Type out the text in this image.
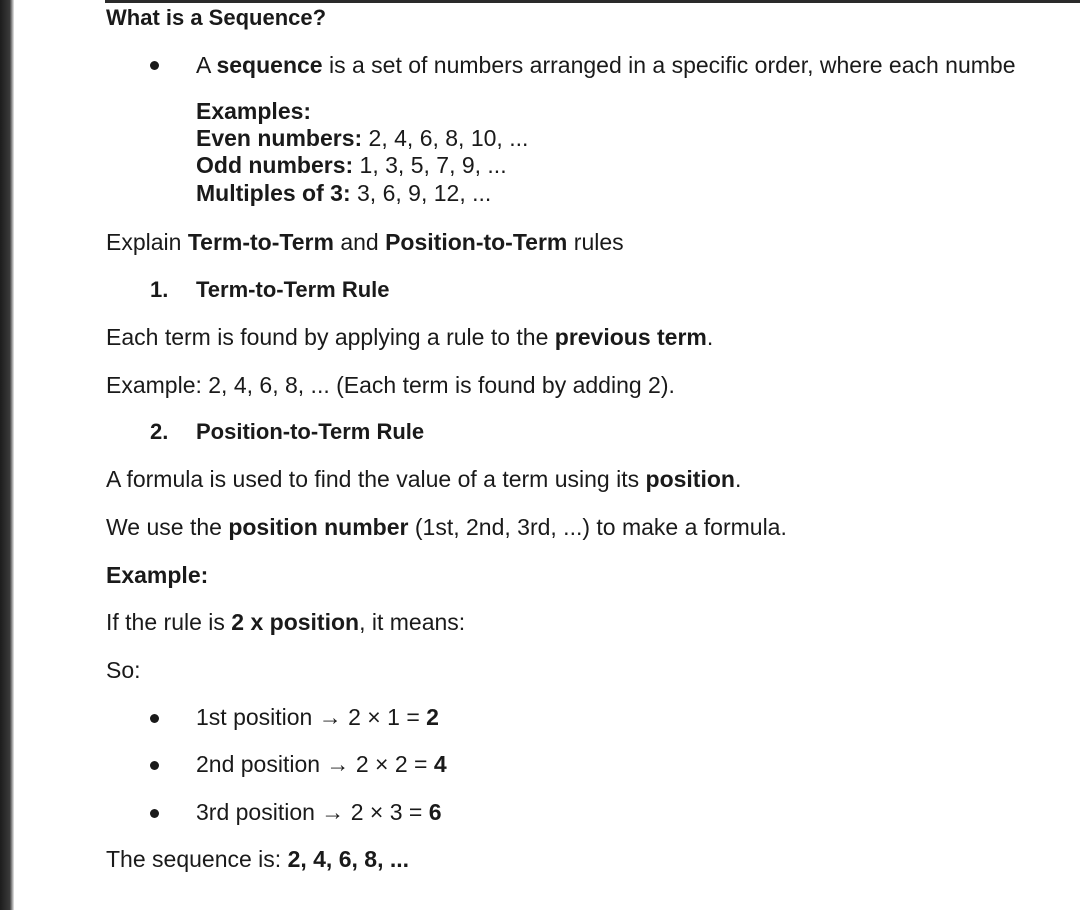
What is a Sequence?
A sequence is a set of numbers arranged in a specific order, where each numbe
Examples:
Even numbers: 2, 4, 6, 8, 10, ...
Odd numbers: 1, 3, 5, 7, 9, ...
Multiples of 3: 3, 6, 9, 12, ...
Explain Term-to-Term and Position-to-Term rules
1. Term-to-Term Rule
Each term is found by applying a rule to the previous term.
Example: 2, 4, 6, 8, ... (Each term is found by adding 2).
2. Position-to-Term Rule
A formula is used to find the value of a term using its position.
We use the position number (1st, 2nd, 3rd, ...) to make a formula.
Example:
If the rule is 2 x position, it means:
So:
1st position → 2 × 1 = 2
2nd position → 2 × 2 = 4
3rd position → 2 × 3 = 6
The sequence is: 2, 4, 6, 8, ...
